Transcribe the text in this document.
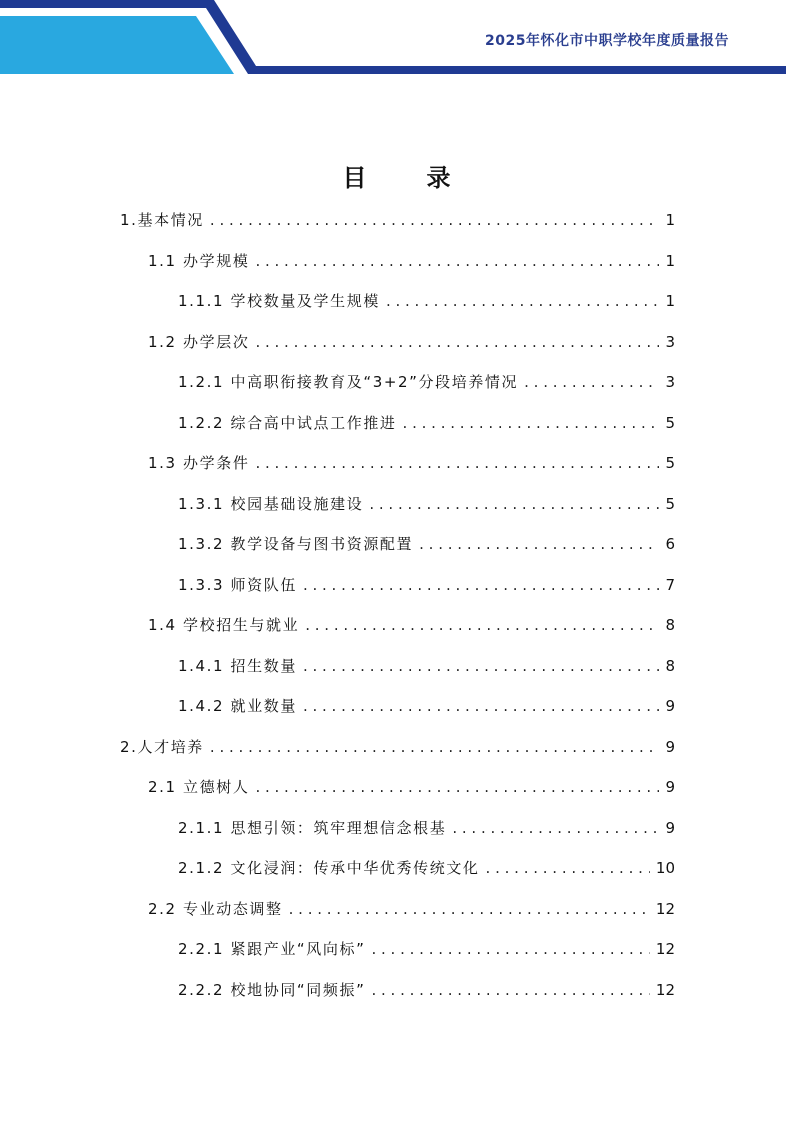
2025年怀化市中职学校年度质量报告
目	录
1.基本情况 . . .	1
1.1 办学规模 . . .	1
1.1.1 学校数量及学生规模 . . .	1
1.2 办学层次 . . .	3
1.2.1 中高职衔接教育及“3+2”分段培养情况 . . .	3
1.2.2 综合高中试点工作推进 . . .	5
1.3 办学条件 . . .	5
1.3.1 校园基础设施建设 . . .	5
1.3.2 教学设备与图书资源配置 . . .	6
1.3.3 师资队伍 . . .	7
1.4 学校招生与就业 . . .	8
1.4.1 招生数量 . . .	8
1.4.2 就业数量 . . .	9
2.人才培养 . . .	9
2.1 立德树人 . . .	9
2.1.1 思想引领：筑牢理想信念根基 . . .	9
2.1.2 文化浸润：传承中华优秀传统文化 . . .	10
2.2 专业动态调整 . . .	12
2.2.1 紧跟产业“风向标” . . .	12
2.2.2 校地协同“同频振” . . .	12
